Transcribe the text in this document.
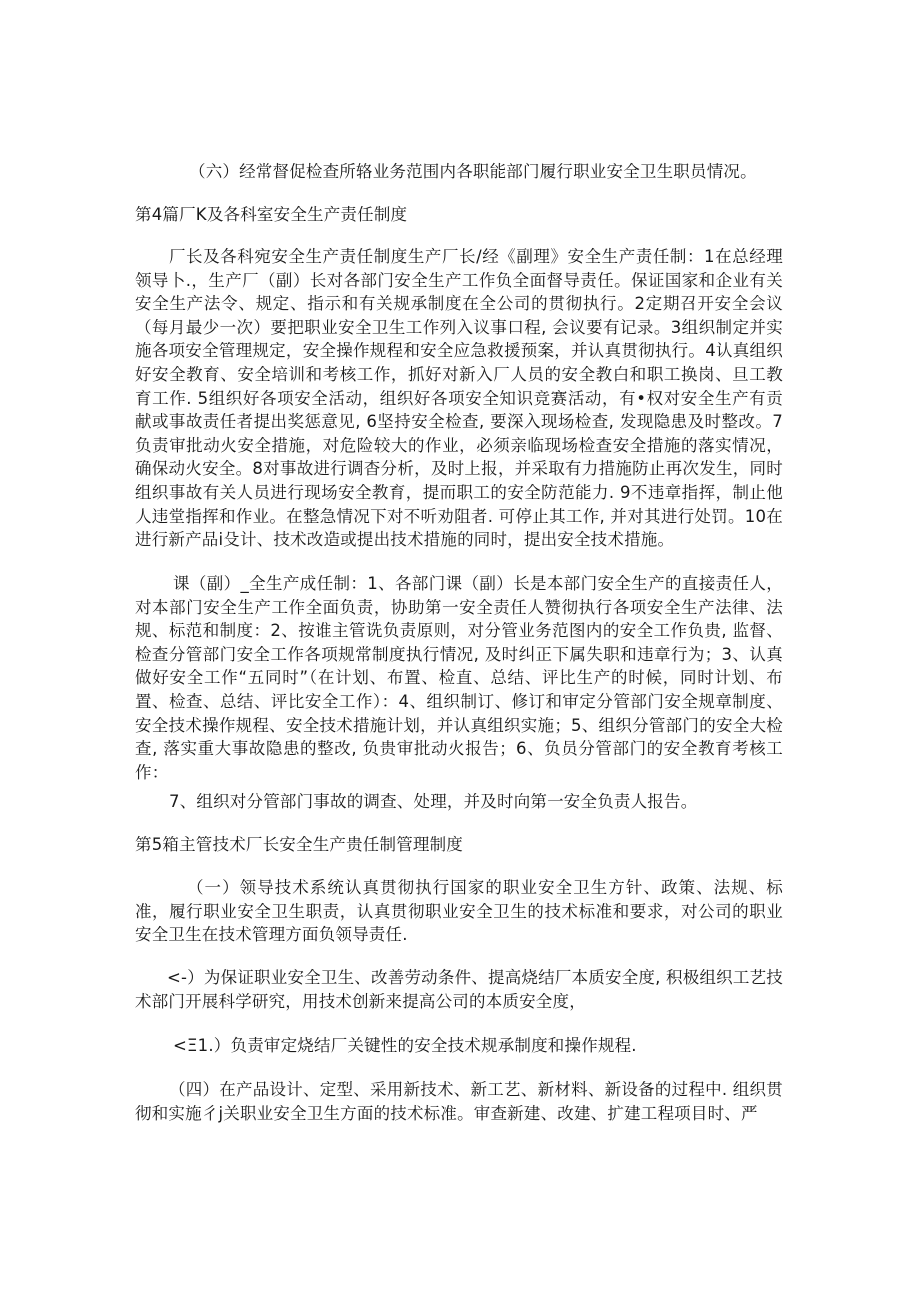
（六）经常督促检查所辂业务范围内各职能部门履行职业安全卫生职员情况。

第4篇厂K及各科室安全生产责任制度

厂长及各科宛安全生产责任制度生产厂长/经《副理》安全生产责任制：1在总经理领导卜.，生产厂（副）长对各部门安全生产工作负全面督导责任。保证国家和企业有关安全生产法令、规定、指示和有关规承制度在全公司的贯彻执行。2定期召开安全会议（每月最少一次）要把职业安全卫生工作列入议事口程, 会议要有记录。3组织制定并实施各项安全管理规定，安全操作规程和安全应急救援预案，并认真贯彻执行。4认真组织好安全教育、安全培训和考核工作，抓好对新入厂人员的安全教白和职工换岗、旦工教育工作. 5组织好各项安全活动，组织好各项安全知识竞赛活动，有•权对安全生产有贡献或事故责任者提出奖惩意见, 6坚持安全检查, 要深入现场检查, 发现隐患及时整改。7负责审批动火安全措施，对危险较大的作业，必须亲临现场检查安全措施的落实情况，确保动火安全。8对事故进行调杳分析，及时上报，并采取有力措施防止再次发生，同时组织事故有关人员进行现场安全教育，提而职工的安全防范能力. 9不违章指挥，制止他人违堂指挥和作业。在整急情况下对不听劝阻者. 可停止其工作, 并对其进行处罚。10在进行新产品i殳计、技术改造或提出技术措施的同时，提出安全技术措施。

课（副）_全生产成任制：1、各部门课（副）长是本部门安全生产的直接责任人，对本部门安全生产工作全面负责，协助第一安全责任人赞彻执行各项安全生产法律、法规、标范和制度：2、按谁主管诜负责原则，对分管业务范图内的安全工作负贵, 监督、检查分管部门安全工作各项规常制度执行情况, 及时纠正下属失职和违章行为；3、认真做好安全工作“五同时”（在计划、布置、检直、总结、评比生产的时候，同时计划、布置、检查、总结、评比安全工作）：4、组织制订、修订和审定分管部门安全规章制度、安全技术操作规程、安全技术措施计划，并认真组织实施；5、组织分管部门的安全大检查, 落实重大事故隐患的整改, 负贵审批动火报告；6、负员分管部门的安全教育考核工作：

7、组织对分管部门事故的调查、处理，并及时向第一安全负责人报告。

第5箱主管技术厂长安全生产贵任制管理制度

（一）领导技术系统认真贯彻执行国家的职业安全卫生方针、政策、法规、标准，履行职业安全卫生职责，认真贯彻职业安全卫生的技术标准和要求，对公司的职业安全卫生在技术管理方面负领导责任.

<-）为保证职业安全卫生、改善劳动条件、提高烧结厂本质安全度, 积极组织工艺技术部门开展科学研究，用技术创新来提高公司的本质安全度，

<Ξ1.）负责审定烧结厂关键性的安全技术规承制度和操作规程.

（四）在产品设计、定型、采用新技术、新工艺、新材料、新设备的过程中. 组织贯彻和实施彳j关职业安全卫生方面的技术标准。审查新建、改建、扩建工程项目时、严
